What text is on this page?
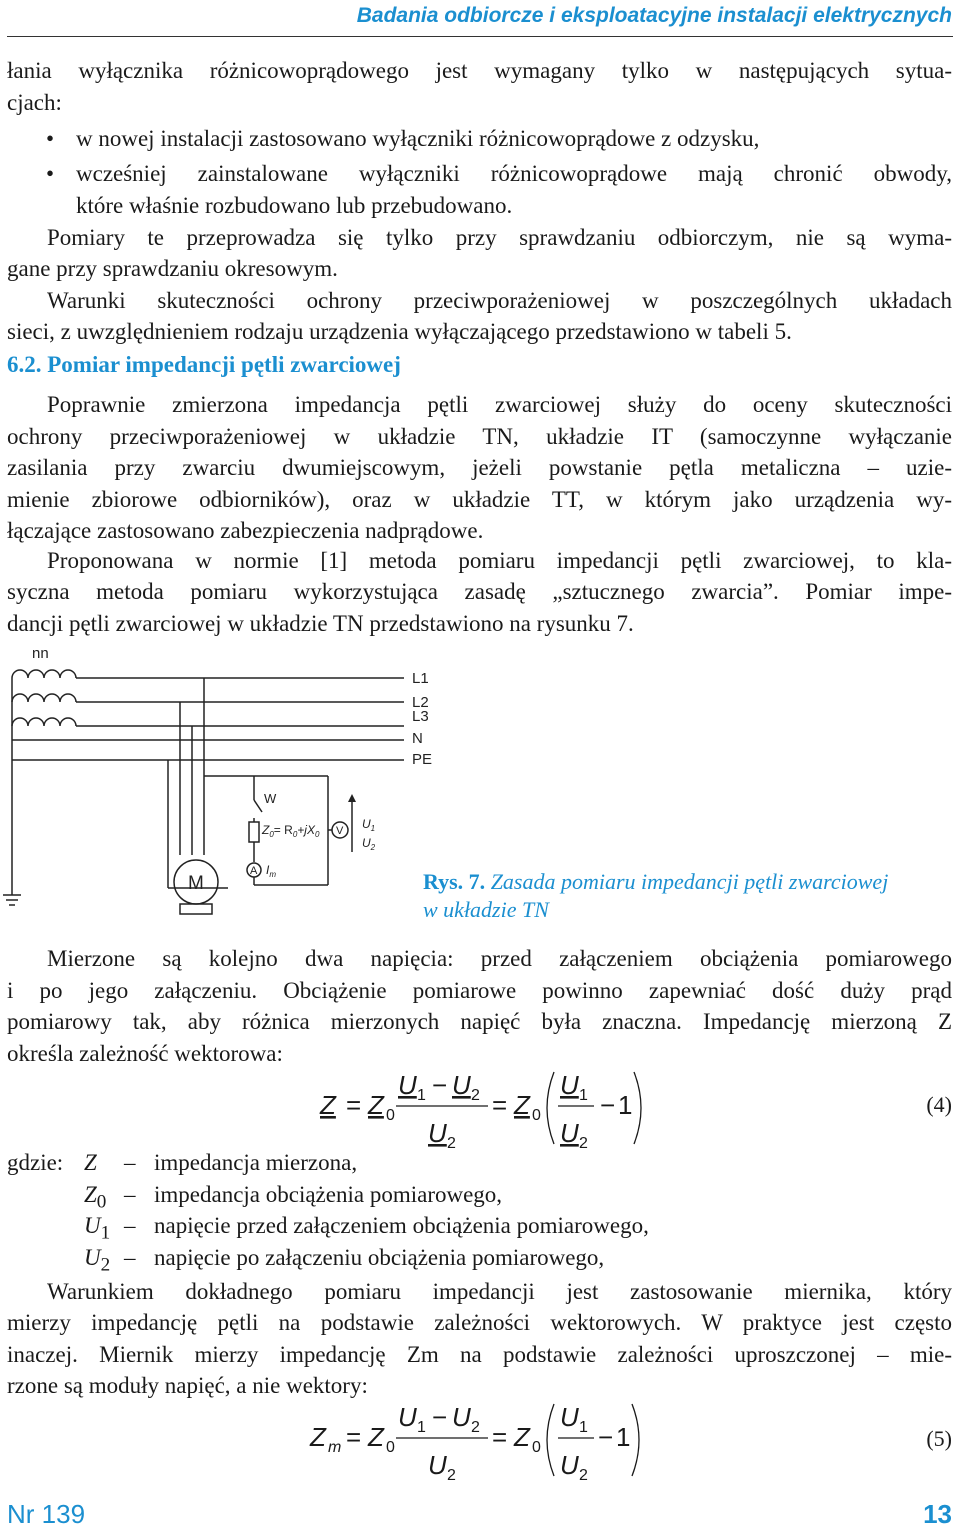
Badania odbiorcze i eksploatacyjne instalacji elektrycznych
łania wyłącznika różnicowoprądowego jest wymagany tylko w następujących sytua-
cjach:
• w nowej instalacji zastosowano wyłączniki różnicowoprądowe z odzysku,
• wcześniej zainstalowane wyłączniki różnicowoprądowe mają chronić obwody,
które właśnie rozbudowano lub przebudowano.
Pomiary te przeprowadza się tylko przy sprawdzaniu odbiorczym, nie są wyma-
gane przy sprawdzaniu okresowym.
Warunki skuteczności ochrony przeciwporażeniowej w poszczególnych układach
sieci, z uwzględnieniem rodzaju urządzenia wyłączającego przedstawiono w tabeli 5.
6.2. Pomiar impedancji pętli zwarciowej
Poprawnie zmierzona impedancja pętli zwarciowej służy do oceny skuteczności
ochrony przeciwporażeniowej w układzie TN, układzie IT (samoczynne wyłączanie
zasilania przy zwarciu dwumiejscowym, jeżeli powstanie pętla metaliczna – uzie-
mienie zbiorowe odbiorników), oraz w układzie TT, w którym jako urządzenia wy-
łączające zastosowano zabezpieczenia nadprądowe.
Proponowana w normie [1] metoda pomiaru impedancji pętli zwarciowej, to kla-
syczna metoda pomiaru wykorzystująca zasadę „sztucznego zwarcia”. Pomiar impe-
dancji pętli zwarciowej w układzie TN przedstawiono na rysunku 7.
nn
L1
L2
L3
N
PE
W
$Z_0= R_0+jX_0$ V $U_1$
$U_2$
A $I_m$
M	Rys. 7. Zasada pomiaru impedancji pętli zwarciowej
w układzie TN
Mierzone są kolejno dwa napięcia: przed załączeniem obciążenia pomiarowego
i po jego załączeniu. Obciążenie pomiarowe powinno zapewniać dość duży prąd
pomiarowy tak, aby różnica mierzonych napięć była znaczna. Impedancję mierzoną Z
określa zależność wektorowa:
Z = Z 0
U 1 − U 2
U 2
= Z 0
U 1
U 2
− 1	(4)
gdzie: Z – impedancja mierzona,
$Z_0$ – impedancja obciążenia pomiarowego,
$U_1$ – napięcie przed załączeniem obciążenia pomiarowego,
$U_2$ – napięcie po załączeniu obciążenia pomiarowego,
Warunkiem dokładnego pomiaru impedancji jest zastosowanie miernika, który
mierzy impedancję pętli na podstawie zależności wektorowych. W praktyce jest często
inaczej. Miernik mierzy impedancję Zm na podstawie zależności uproszczonej – mie-
rzone są moduły napięć, a nie wektory:
Z m = Z 0
U 1 − U 2
U 2
= Z 0
U 1
U 2
− 1	(5)
Nr 139	13
